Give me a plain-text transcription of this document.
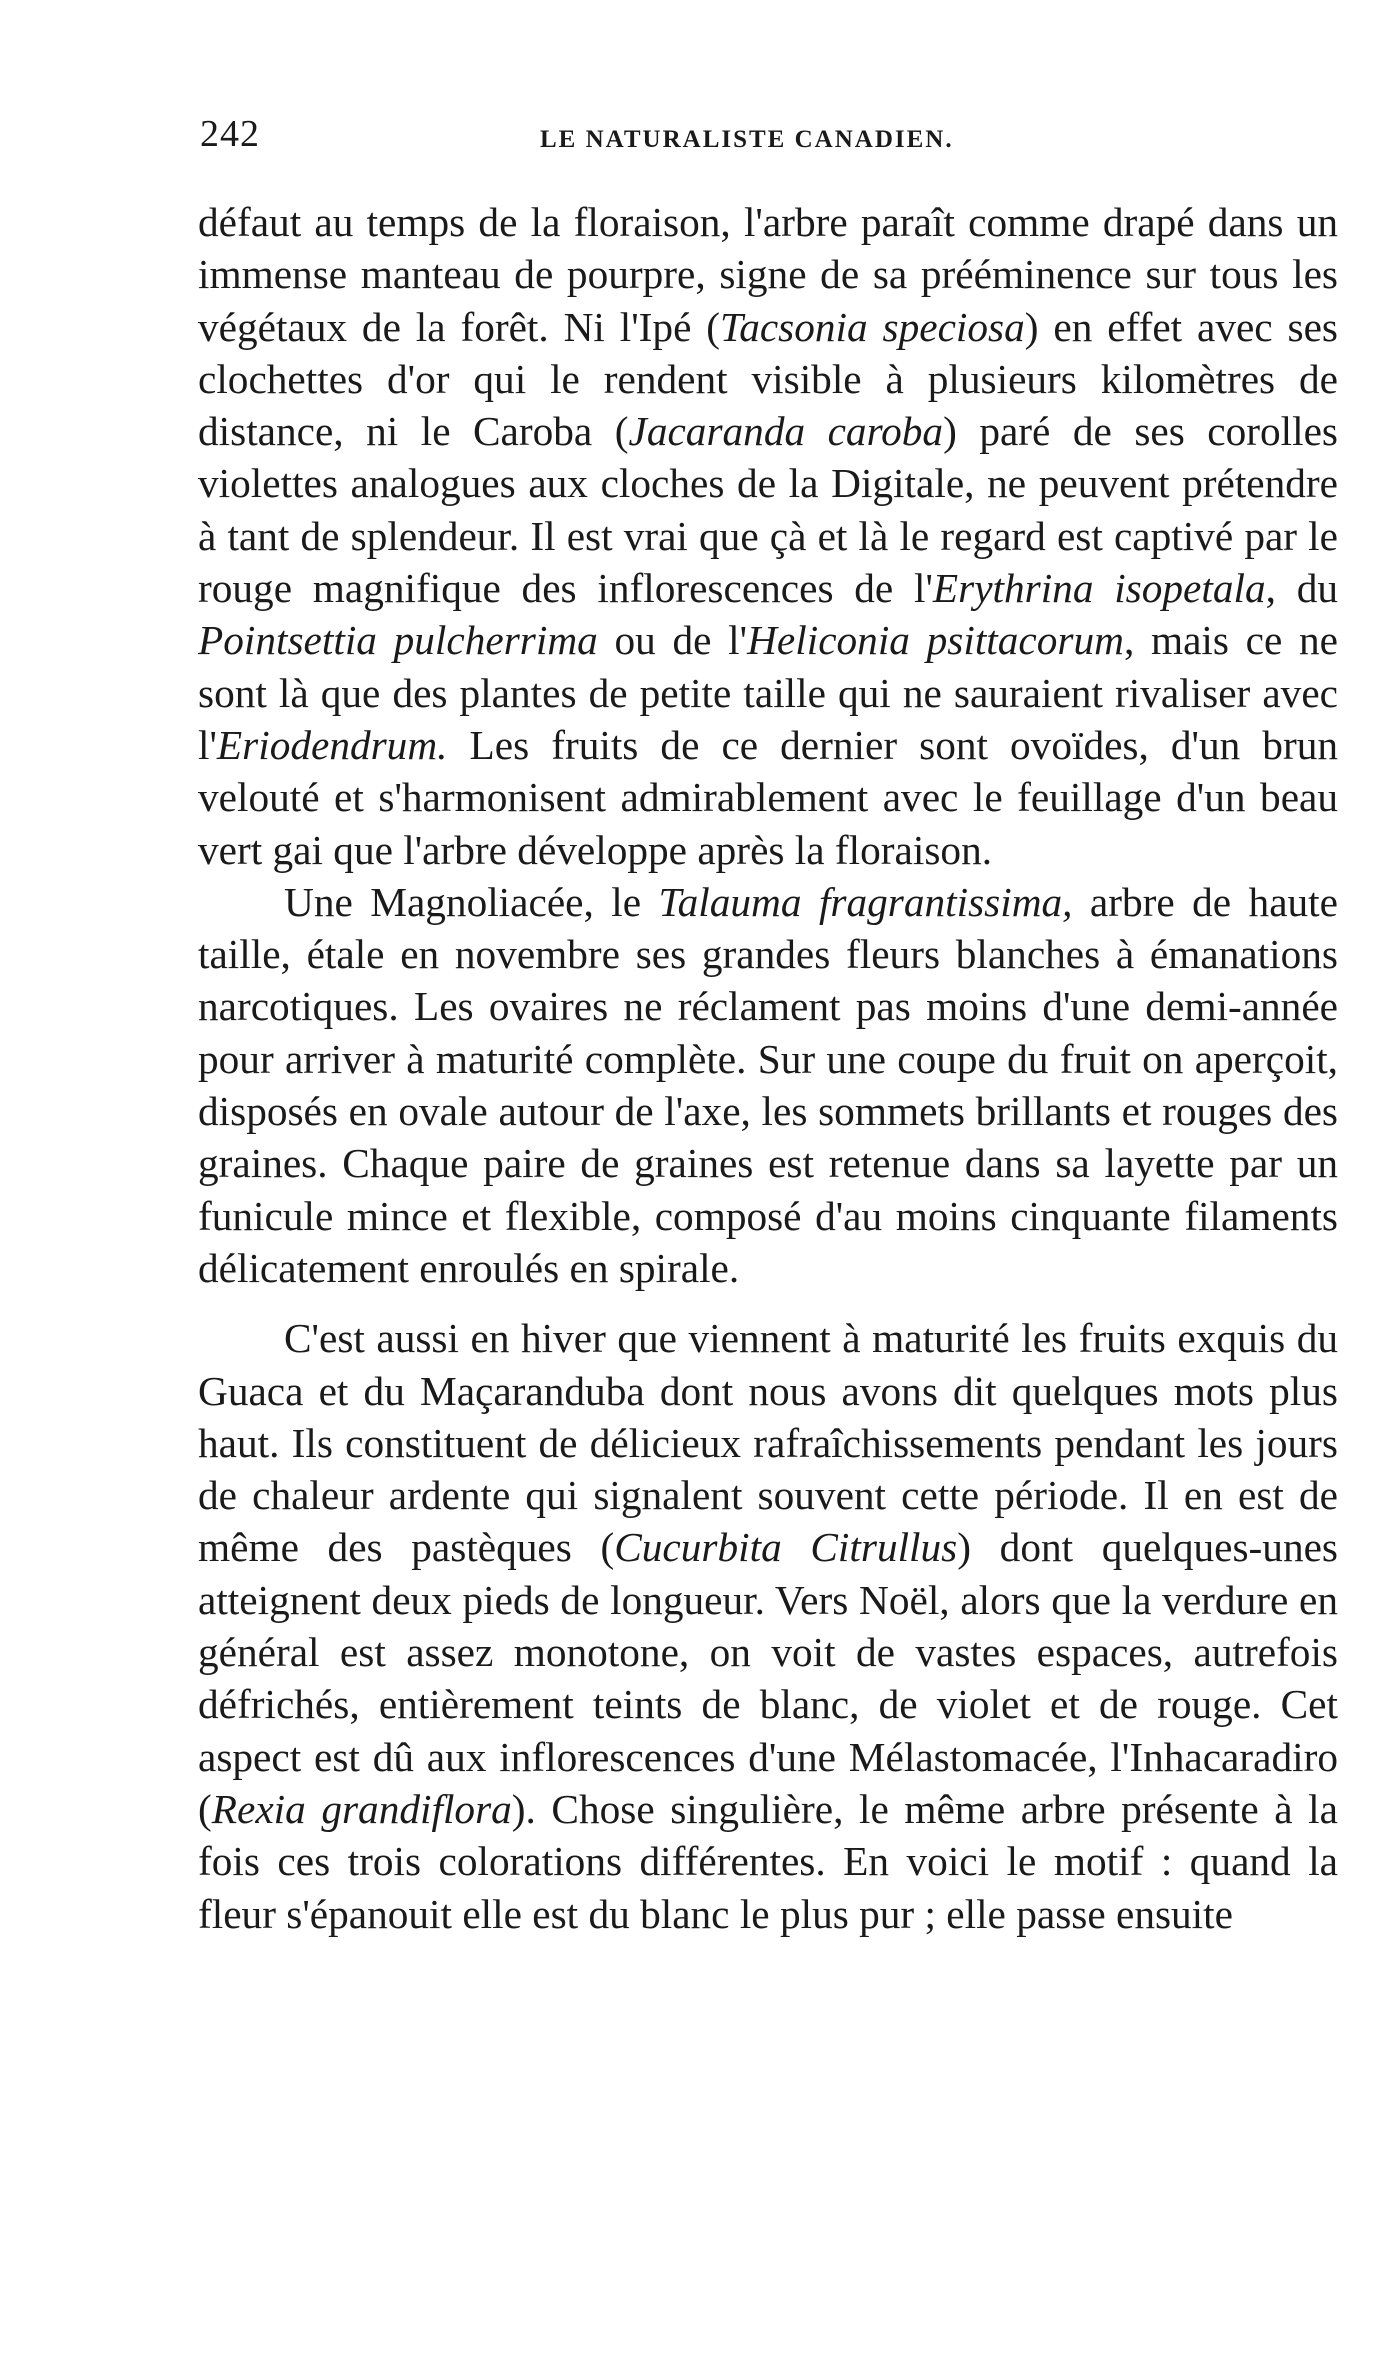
242	LE NATURALISTE CANADIEN.

défaut au temps de la floraison, l'arbre paraît comme drapé dans un immense manteau de pourpre, signe de sa prééminence sur tous les végétaux de la forêt. Ni l'Ipé (Tacsonia speciosa) en effet avec ses clochettes d'or qui le rendent visible à plusieurs kilomètres de distance, ni le Caroba (Jacaranda caroba) paré de ses corolles violettes analogues aux cloches de la Digitale, ne peuvent prétendre à tant de splendeur. Il est vrai que çà et là le regard est captivé par le rouge magnifique des inflorescences de l'Erythrina isopetala, du Pointsettia pulcherrima ou de l'Heliconia psittacorum, mais ce ne sont là que des plantes de petite taille qui ne sauraient rivaliser avec l'Eriodendrum. Les fruits de ce dernier sont ovoïdes, d'un brun velouté et s'harmonisent admirablement avec le feuillage d'un beau vert gai que l'arbre développe après la floraison.

Une Magnoliacée, le Talauma fragrantissima, arbre de haute taille, étale en novembre ses grandes fleurs blanches à émanations narcotiques. Les ovaires ne réclament pas moins d'une demi-année pour arriver à maturité complète. Sur une coupe du fruit on aperçoit, disposés en ovale autour de l'axe, les sommets brillants et rouges des graines. Chaque paire de graines est retenue dans sa layette par un funicule mince et flexible, composé d'au moins cinquante filaments délicatement enroulés en spirale.

C'est aussi en hiver que viennent à maturité les fruits exquis du Guaca et du Maçaranduba dont nous avons dit quelques mots plus haut. Ils constituent de délicieux rafraîchissements pendant les jours de chaleur ardente qui signalent souvent cette période. Il en est de même des pastèques (Cucurbita Citrullus) dont quelques-unes atteignent deux pieds de longueur. Vers Noël, alors que la verdure en général est assez monotone, on voit de vastes espaces, autrefois défrichés, entièrement teints de blanc, de violet et de rouge. Cet aspect est dû aux inflorescences d'une Mélastomacée, l'Inhacaradiro (Rexia grandiflora). Chose singulière, le même arbre présente à la fois ces trois colorations différentes. En voici le motif : quand la fleur s'épanouit elle est du blanc le plus pur ; elle passe ensuite
